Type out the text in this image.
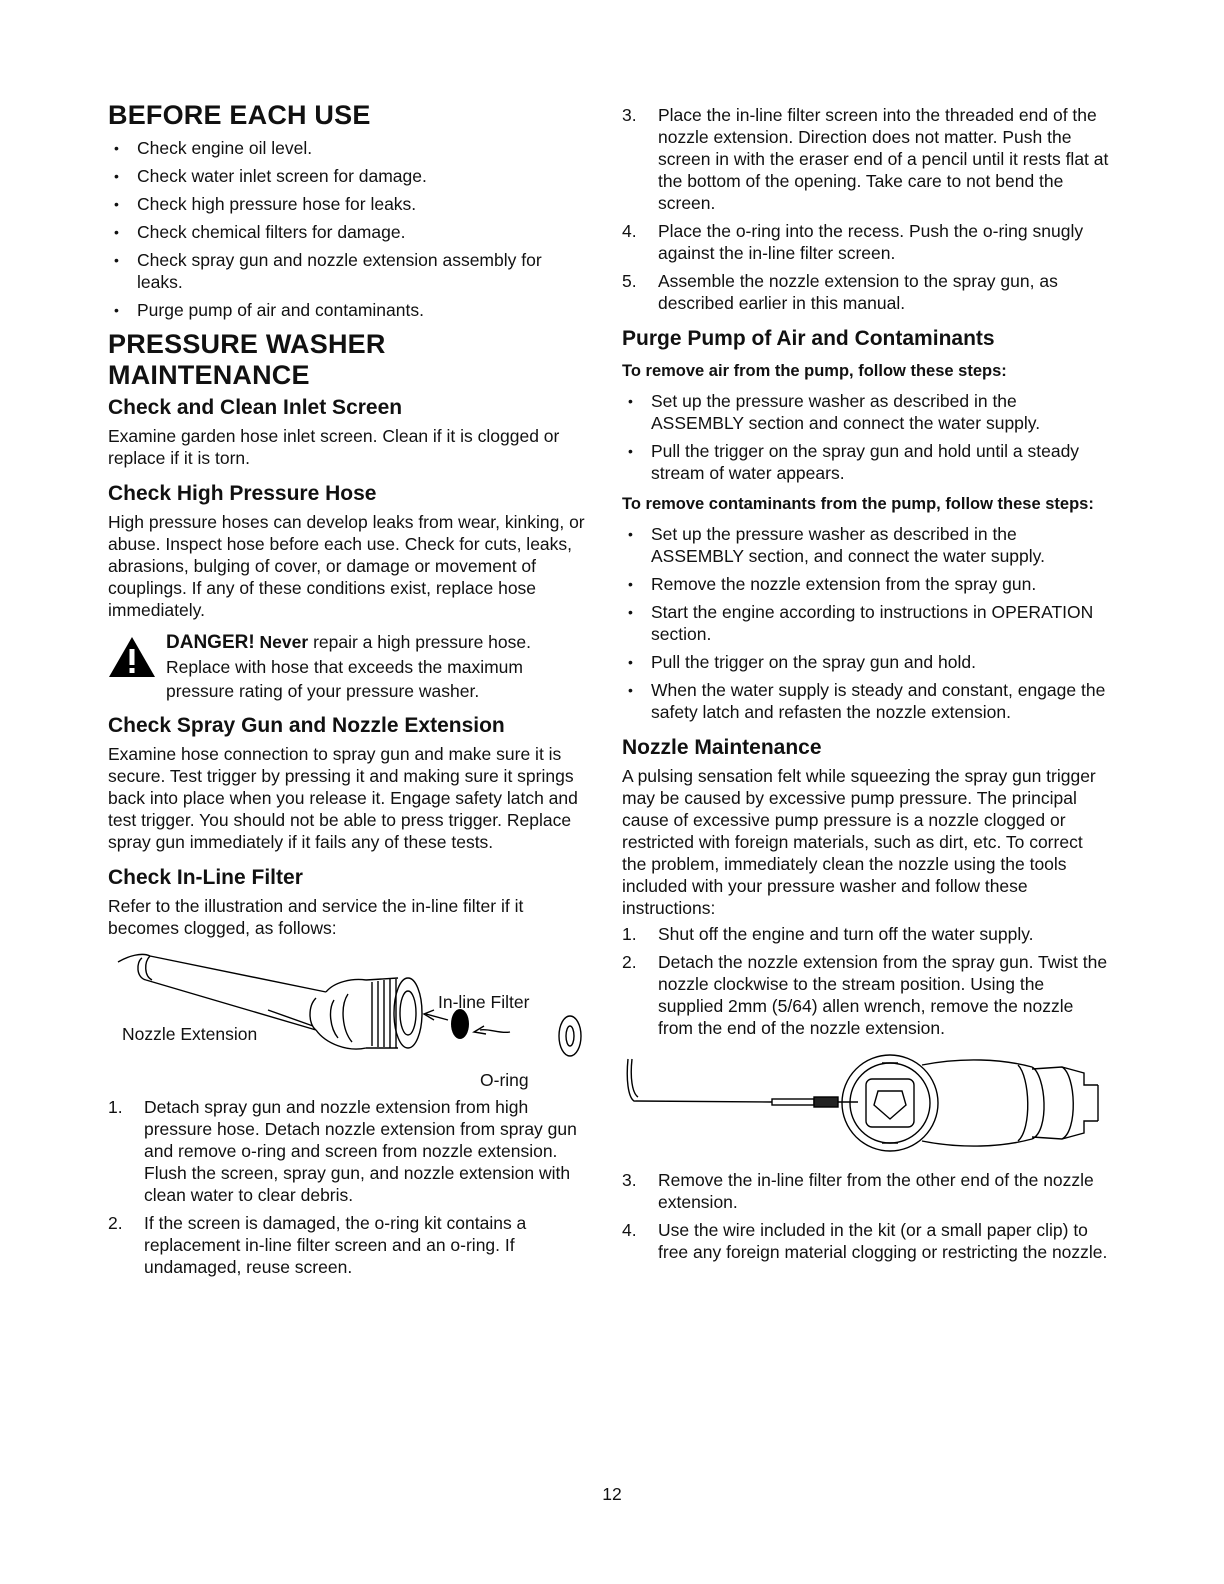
BEFORE EACH USE
• Check engine oil level.
• Check water inlet screen for damage.
• Check high pressure hose for leaks.
• Check chemical filters for damage.
• Check spray gun and nozzle extension assembly for leaks.
• Purge pump of air and contaminants.
PRESSURE WASHER
MAINTENANCE
Check and Clean Inlet Screen

Examine garden hose inlet screen. Clean if it is clogged or replace if it is torn.

Check High Pressure Hose

High pressure hoses can develop leaks from wear, kinking, or abuse. Inspect hose before each use. Check for cuts, leaks, abrasions, bulging of cover, or damage or movement of couplings. If any of these conditions exist, replace hose immediately.

DANGER! Never repair a high pressure hose. Replace with hose that exceeds the maximum pressure rating of your pressure washer.
Check Spray Gun and Nozzle Extension

Examine hose connection to spray gun and make sure it is secure. Test trigger by pressing it and making sure it springs back into place when you release it. Engage safety latch and test trigger. You should not be able to press trigger. Replace spray gun immediately if it fails any of these tests.

Check In-Line Filter

Refer to the illustration and service the in-line filter if it becomes clogged, as follows:

Nozzle Extension
In-line Filter
O-ring
1. Detach spray gun and nozzle extension from high pressure hose. Detach nozzle extension from spray gun and remove o-ring and screen from nozzle extension. Flush the screen, spray gun, and nozzle extension with clean water to clear debris.
2. If the screen is damaged, the o-ring kit contains a replacement in-line filter screen and an o-ring. If undamaged, reuse screen.
3. Place the in-line filter screen into the threaded end of the nozzle extension. Direction does not matter. Push the screen in with the eraser end of a pencil until it rests flat at the bottom of the opening. Take care to not bend the screen.
4. Place the o-ring into the recess. Push the o-ring snugly against the in-line filter screen.
5. Assemble the nozzle extension to the spray gun, as described earlier in this manual.
Purge Pump of Air and Contaminants
To remove air from the pump, follow these steps:
• Set up the pressure washer as described in the ASSEMBLY section and connect the water supply.
• Pull the trigger on the spray gun and hold until a steady stream of water appears.
To remove contaminants from the pump, follow these steps:
• Set up the pressure washer as described in the ASSEMBLY section, and connect the water supply.
• Remove the nozzle extension from the spray gun.
• Start the engine according to instructions in OPERATION section.
• Pull the trigger on the spray gun and hold.
• When the water supply is steady and constant, engage the safety latch and refasten the nozzle extension.
Nozzle Maintenance

A pulsing sensation felt while squeezing the spray gun trigger may be caused by excessive pump pressure. The principal cause of excessive pump pressure is a nozzle clogged or restricted with foreign materials, such as dirt, etc. To correct the problem, immediately clean the nozzle using the tools included with your pressure washer and follow these instructions:

1. Shut off the engine and turn off the water supply.
2. Detach the nozzle extension from the spray gun. Twist the nozzle clockwise to the stream position. Using the supplied 2mm (5/64) allen wrench, remove the nozzle from the end of the nozzle extension.
3. Remove the in-line filter from the other end of the nozzle extension.
4. Use the wire included in the kit (or a small paper clip) to free any foreign material clogging or restricting the nozzle.
12
